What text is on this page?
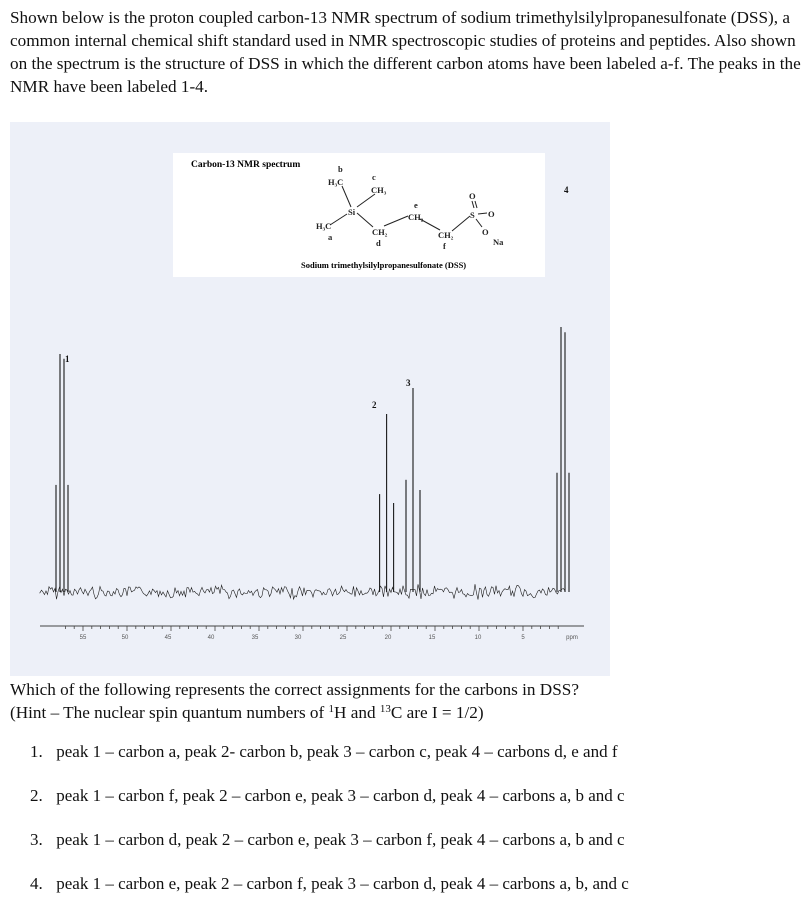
Shown below is the proton coupled carbon-13 NMR spectrum of sodium trimethylsilylpropanesulfonate (DSS), a common internal chemical shift standard used in NMR spectroscopic studies of proteins and peptides. Also shown on the spectrum is the structure of DSS in which the different carbon atoms have been labeled a-f. The peaks in the NMR have been labeled 1-4.

Carbon-13 NMR spectrum	b
H₃C	c
CH₃
Si
H₃C
a	CH₂
d
e
CH₂
CH₂
f
S
O
O
O
Na
Sodium trimethylsilylpropanesulfonate (DSS)
1
2
3
4
55	50	45	40	35	30	25	20	15	10	5	ppm

Which of the following represents the correct assignments for the carbons in DSS?
(Hint – The nuclear spin quantum numbers of $^1$H and $^{13}$C are I = 1/2)

1. peak 1 – carbon a, peak 2- carbon b, peak 3 – carbon c, peak 4 – carbons d, e and f
2. peak 1 – carbon f, peak 2 – carbon e, peak 3 – carbon d, peak 4 – carbons a, b and c
3. peak 1 – carbon d, peak 2 – carbon e, peak 3 – carbon f, peak 4 – carbons a, b and c
4. peak 1 – carbon e, peak 2 – carbon f, peak 3 – carbon d, peak 4 – carbons a, b, and c
